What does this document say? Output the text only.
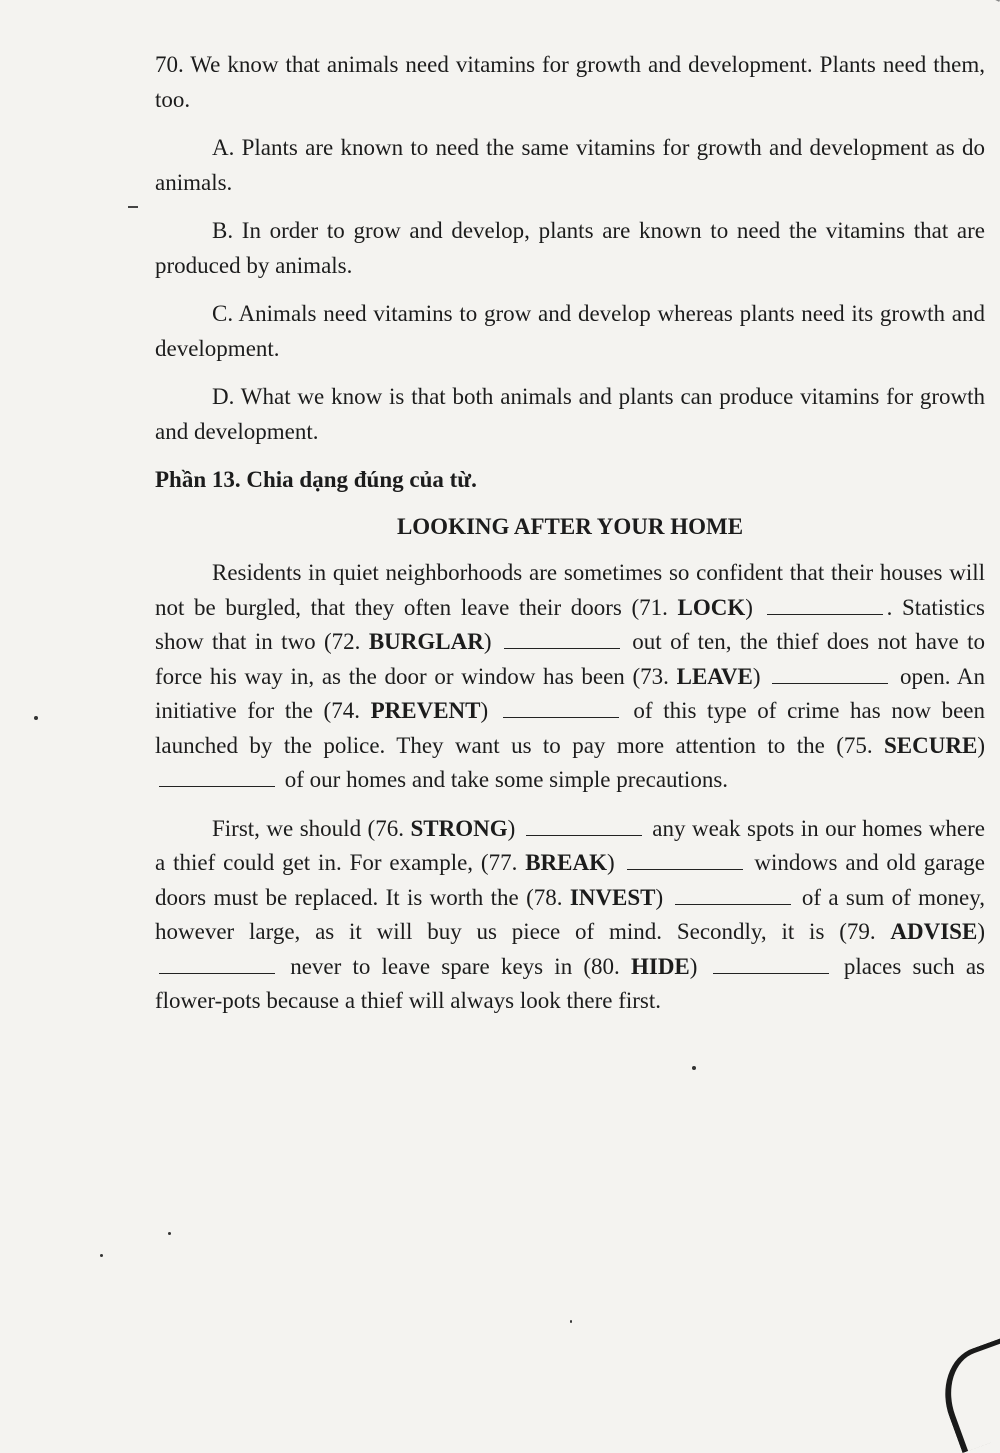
70. We know that animals need vitamins for growth and development. Plants need them, too.

A. Plants are known to need the same vitamins for growth and development as do animals.

B. In order to grow and develop, plants are known to need the vitamins that are produced by animals.

C. Animals need vitamins to grow and develop whereas plants need its growth and development.

D. What we know is that both animals and plants can produce vitamins for growth and development.

Phần 13. Chia dạng đúng của từ.

LOOKING AFTER YOUR HOME

Residents in quiet neighborhoods are sometimes so confident that their houses will not be burgled, that they often leave their doors (71. LOCK)	. Statistics show that in two (72. BURGLAR)	out of ten, the thief does not have to force his way in, as the door or window has been (73. LEAVE)	open. An initiative for the (74. PREVENT)	of this type of crime has now been launched by the police. They want us to pay more attention to the (75. SECURE)  of our homes and take some simple precautions.

First, we should (76. STRONG)	any weak spots in our homes where a thief could get in. For example, (77. BREAK)	windows and old garage doors must be replaced. It is worth the (78. INVEST)	of a sum of money, however large, as it will buy us piece of mind. Secondly, it is (79. ADVISE)  never to leave spare keys in (80. HIDE)	places such as flower-pots because a thief will always look there first.
